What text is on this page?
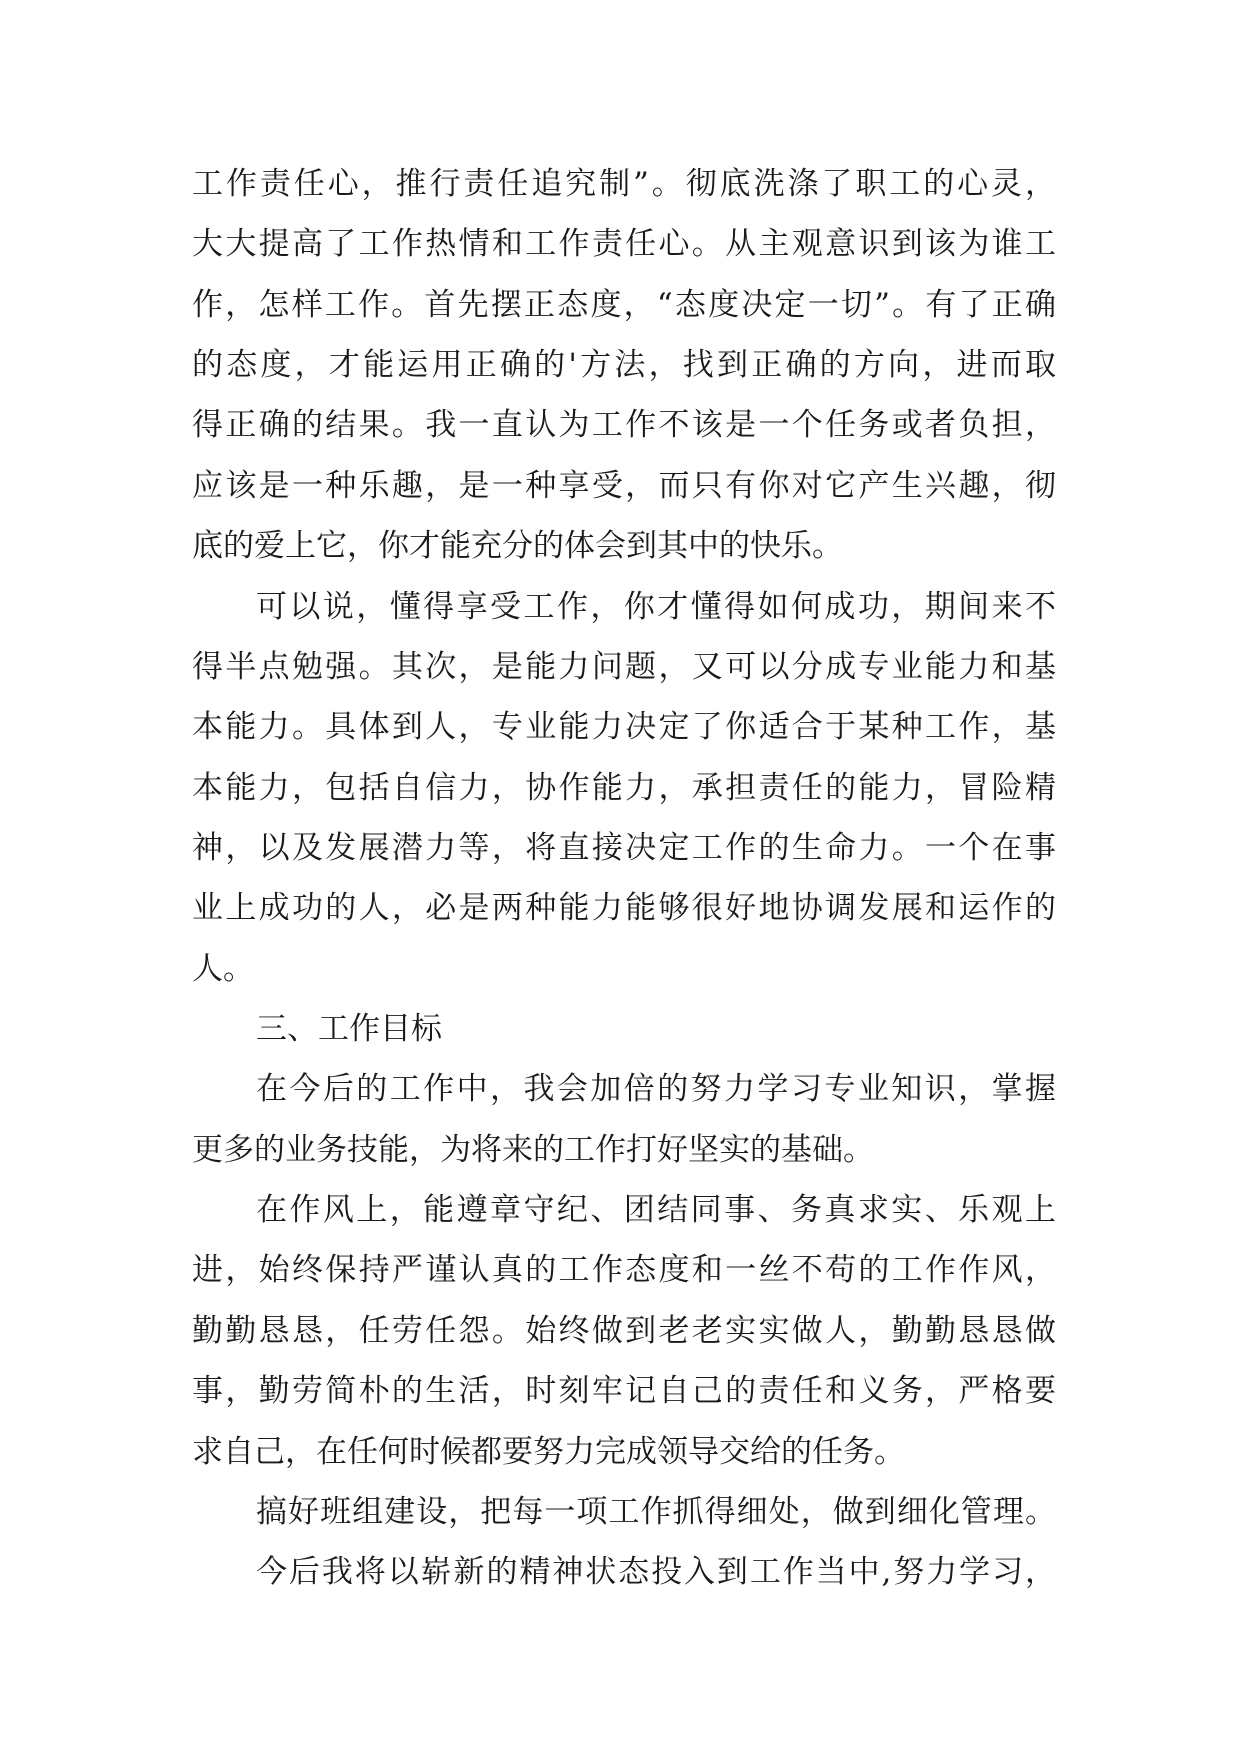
工作责任心，推行责任追究制”。彻底洗涤了职工的心灵，
大大提高了工作热情和工作责任心。从主观意识到该为谁工
作，怎样工作。首先摆正态度，“态度决定一切”。有了正确
的态度，才能运用正确的'方法，找到正确的方向，进而取
得正确的结果。我一直认为工作不该是一个任务或者负担，
应该是一种乐趣，是一种享受，而只有你对它产生兴趣，彻
底的爱上它，你才能充分的体会到其中的快乐。
可以说，懂得享受工作，你才懂得如何成功，期间来不
得半点勉强。其次，是能力问题，又可以分成专业能力和基
本能力。具体到人，专业能力决定了你适合于某种工作，基
本能力，包括自信力，协作能力，承担责任的能力，冒险精
神，以及发展潜力等，将直接决定工作的生命力。一个在事
业上成功的人，必是两种能力能够很好地协调发展和运作的
人。
三、工作目标
在今后的工作中，我会加倍的努力学习专业知识，掌握
更多的业务技能，为将来的工作打好坚实的基础。
在作风上，能遵章守纪、团结同事、务真求实、乐观上
进，始终保持严谨认真的工作态度和一丝不苟的工作作风，
勤勤恳恳，任劳任怨。始终做到老老实实做人，勤勤恳恳做
事，勤劳简朴的生活，时刻牢记自己的责任和义务，严格要
求自己，在任何时候都要努力完成领导交给的任务。
搞好班组建设，把每一项工作抓得细处，做到细化管理。
今后我将以崭新的精神状态投入到工作当中,努力学习，
